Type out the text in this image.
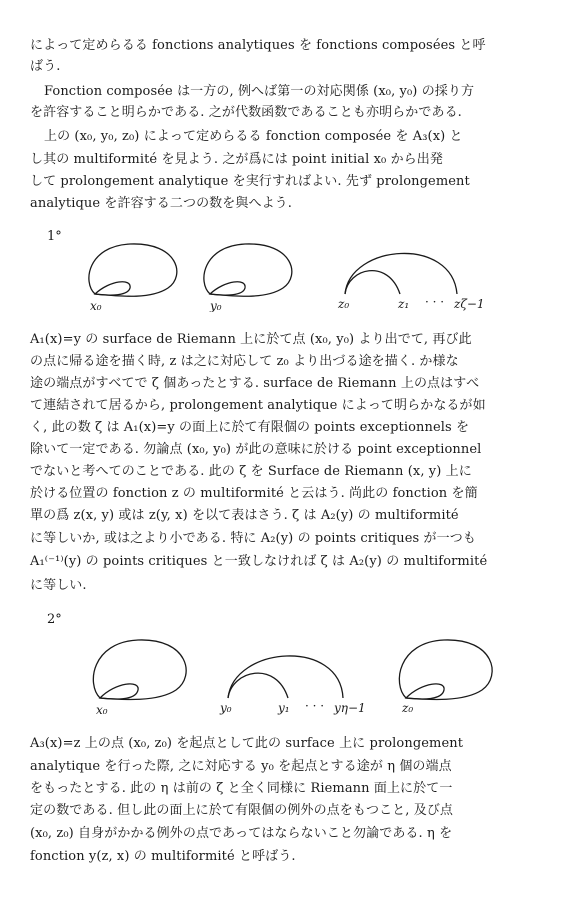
によって定めらるる fonctions analytiques を fonctions composées と呼

ばう.

Fonction composée は一方の, 例へば第一の対応関係 (x₀, y₀) の採り方

を許容すること明らかである. 之が代数函数であることも亦明らかである.

上の (x₀, y₀, z₀) によって定めらるる fonction composée を A₃(x) と

し其の multiformité を見よう. 之が爲には point initial x₀ から出発

して prolongement analytique を実行すればよい. 先ず prolongement

analytique を許容する二つの数を與へよう.

1°
x₀	y₀	z₀	z₁ · · · zζ−1

A₁(x)=y の surface de Riemann 上に於て点 (x₀, y₀) より出でて, 再び此

の点に帰る途を描く時, z は之に対応して z₀ より出づる途を描く. か様な

途の端点がすべてで ζ 個あったとする. surface de Riemann 上の点はすべ

て連結されて居るから, prolongement analytique によって明らかなるが如

く, 此の数 ζ は A₁(x)=y の面上に於て有限個の points exceptionnels を

除いて一定である. 勿論点 (x₀, y₀) が此の意味に於ける point exceptionnel

でないと考へてのことである. 此の ζ を Surface de Riemann (x, y) 上に

於ける位置の fonction z の multiformité と云はう. 尚此の fonction を簡

單の爲 z(x, y) 或は z(y, x) を以て表はさう. ζ は A₂(y) の multiformité

に等しいか, 或は之より小である. 特に A₂(y) の points critiques が一つも

A₁⁽⁻¹⁾(y) の points critiques と一致しなければ ζ は A₂(y) の multiformité

に等しい.

2°
x₀	y₀	y₁ · · · yη−1	z₀

A₃(x)=z 上の点 (x₀, z₀) を起点として此の surface 上に prolongement

analytique を行った際, 之に対応する y₀ を起点とする途が η 個の端点

をもったとする. 此の η は前の ζ と全く同様に Riemann 面上に於て一

定の数である. 但し此の面上に於て有限個の例外の点をもつこと, 及び点

(x₀, z₀) 自身がかかる例外の点であってはならないこと勿論である. η を

fonction y(z, x) の multiformité と呼ばう.
